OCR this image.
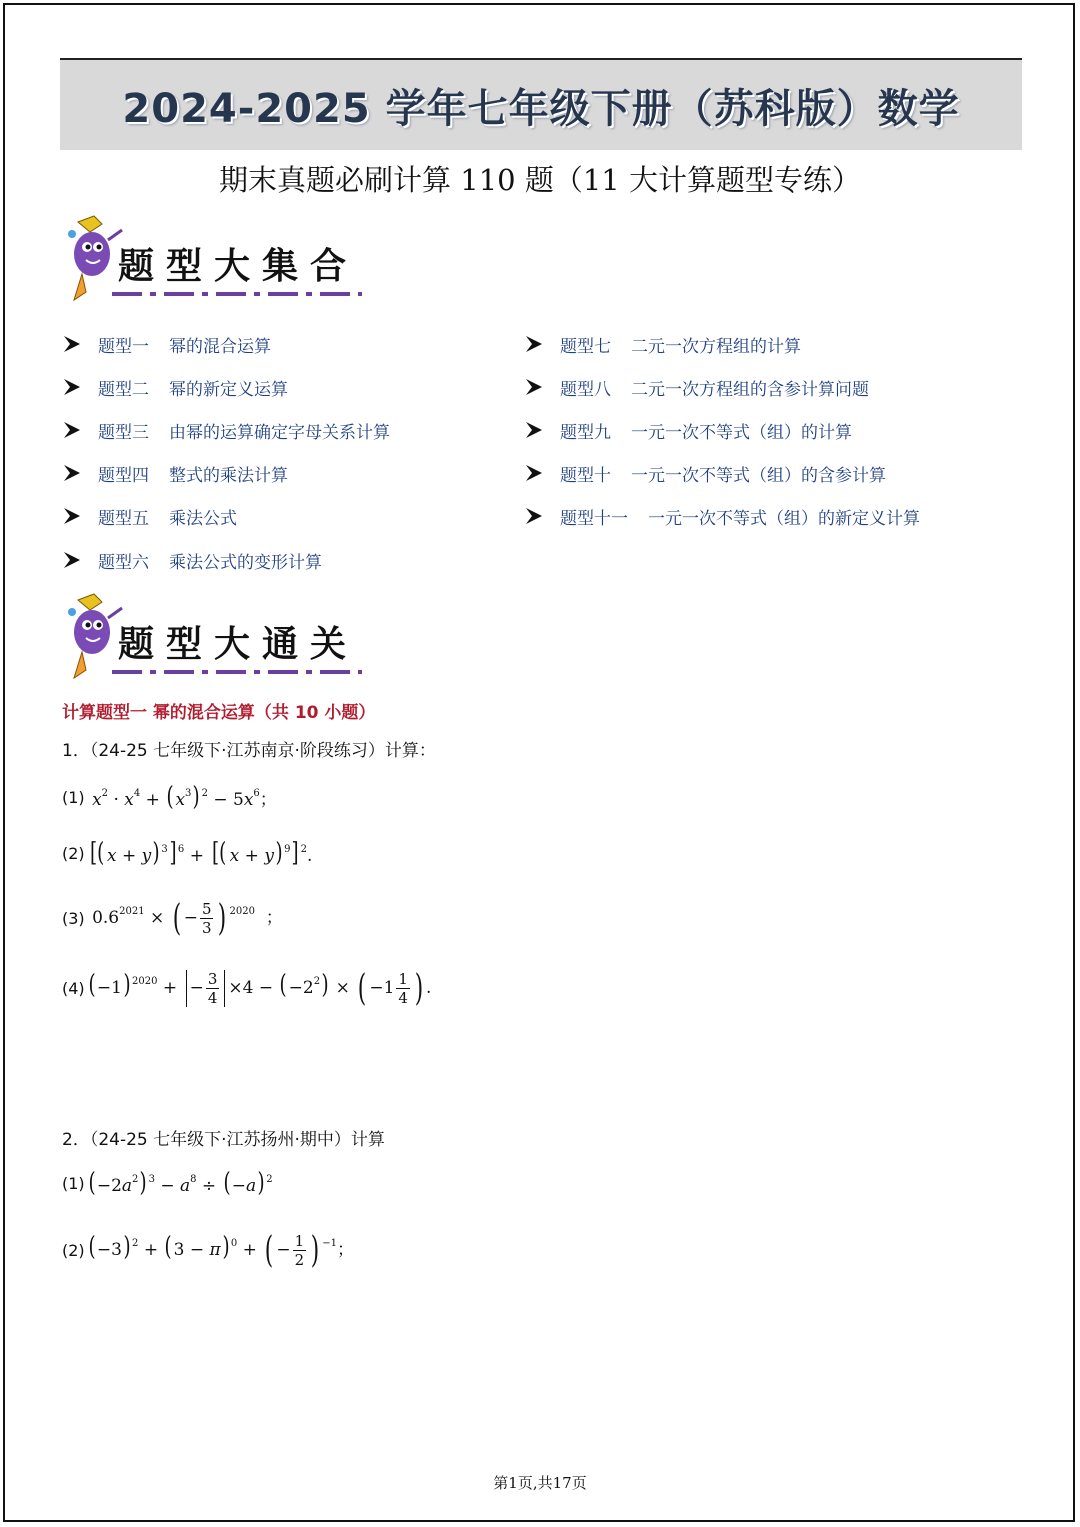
2024-2025 学年七年级下册（苏科版）数学
期末真题必刷计算 110 题（11 大计算题型专练）
题型大集合
题型一 幂的混合运算
题型二 幂的新定义运算
题型三 由幂的运算确定字母关系计算
题型四 整式的乘法计算
题型五 乘法公式
题型六 乘法公式的变形计算
题型七 二元一次方程组的计算
题型八 二元一次方程组的含参计算问题
题型九 一元一次不等式（组）的计算
题型十 一元一次不等式（组）的含参计算
题型十一 一元一次不等式（组）的新定义计算
题型大通关
计算题型一 幂的混合运算（共 10 小题）
1．（24-25 七年级下·江苏南京·阶段练习）计算：
(1) $x^2 \cdot x^4 + (x^3) ^2 - 5x^6$；
(2) [( x + y) $^3$] $^6$ + [( x + y) $^9$] $^2$.
(3) $0.6^{2021}$ × ( − $\frac{5}{3}$ ) $^{2020}$  ；
(4) (−1) $^{2020}$ + − $\frac{3}{4} \times 4 - (-2^2)$ × ( $-1 \frac{1}{4}$ ) .
2．（24-25 七年级下·江苏扬州·期中）计算
(1) $(-2a^2) ^3 - a^8 \div (-a)$ $^2$
(2) (−3) $^2$ + (3 − π) $^0$ + ( − $\frac{1}{2}$ ) $^{-1}$；
第1页,共17页
